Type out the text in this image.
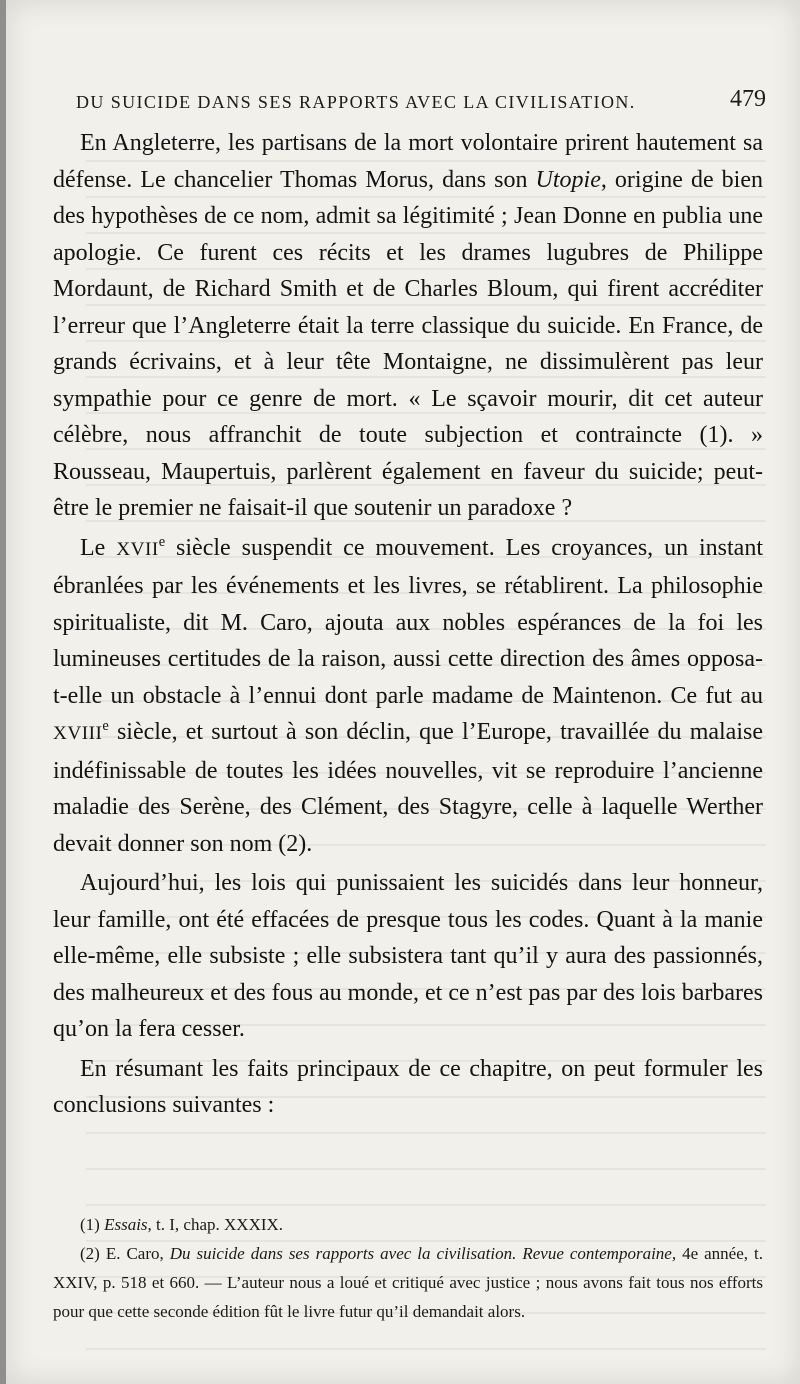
DU SUICIDE DANS SES RAPPORTS AVEC LA CIVILISATION.	479

En Angleterre, les partisans de la mort volontaire prirent hautement sa défense. Le chancelier Thomas Morus, dans son Utopie, origine de bien des hypothèses de ce nom, admit sa légitimité ; Jean Donne en publia une apologie. Ce furent ces récits et les drames lugubres de Philippe Mordaunt, de Richard Smith et de Charles Bloum, qui firent accréditer l’erreur que l’Angleterre était la terre classique du suicide. En France, de grands écrivains, et à leur tête Montaigne, ne dissimulèrent pas leur sympathie pour ce genre de mort. « Le sçavoir mourir, dit cet auteur célèbre, nous affranchit de toute subjection et contraincte (1). » Rousseau, Maupertuis, parlèrent également en faveur du suicide; peut-être le premier ne faisait-il que soutenir un paradoxe ?

Le XVIIe siècle suspendit ce mouvement. Les croyances, un instant ébranlées par les événements et les livres, se rétablirent. La philosophie spiritualiste, dit M. Caro, ajouta aux nobles espérances de la foi les lumineuses certitudes de la raison, aussi cette direction des âmes opposa-t-elle un obstacle à l’ennui dont parle madame de Maintenon. Ce fut au XVIIIe siècle, et surtout à son déclin, que l’Europe, travaillée du malaise indéfinissable de toutes les idées nouvelles, vit se reproduire l’ancienne maladie des Serène, des Clément, des Stagyre, celle à laquelle Werther devait donner son nom (2).

Aujourd’hui, les lois qui punissaient les suicidés dans leur honneur, leur famille, ont été effacées de presque tous les codes. Quant à la manie elle-même, elle subsiste ; elle subsistera tant qu’il y aura des passionnés, des malheureux et des fous au monde, et ce n’est pas par des lois barbares qu’on la fera cesser.

En résumant les faits principaux de ce chapitre, on peut formuler les conclusions suivantes :

(1) Essais, t. I, chap. XXXIX.

(2) E. Caro, Du suicide dans ses rapports avec la civilisation. Revue contemporaine, 4e année, t. XXIV, p. 518 et 660. — L’auteur nous a loué et critiqué avec justice ; nous avons fait tous nos efforts pour que cette seconde édition fût le livre futur qu’il demandait alors.
